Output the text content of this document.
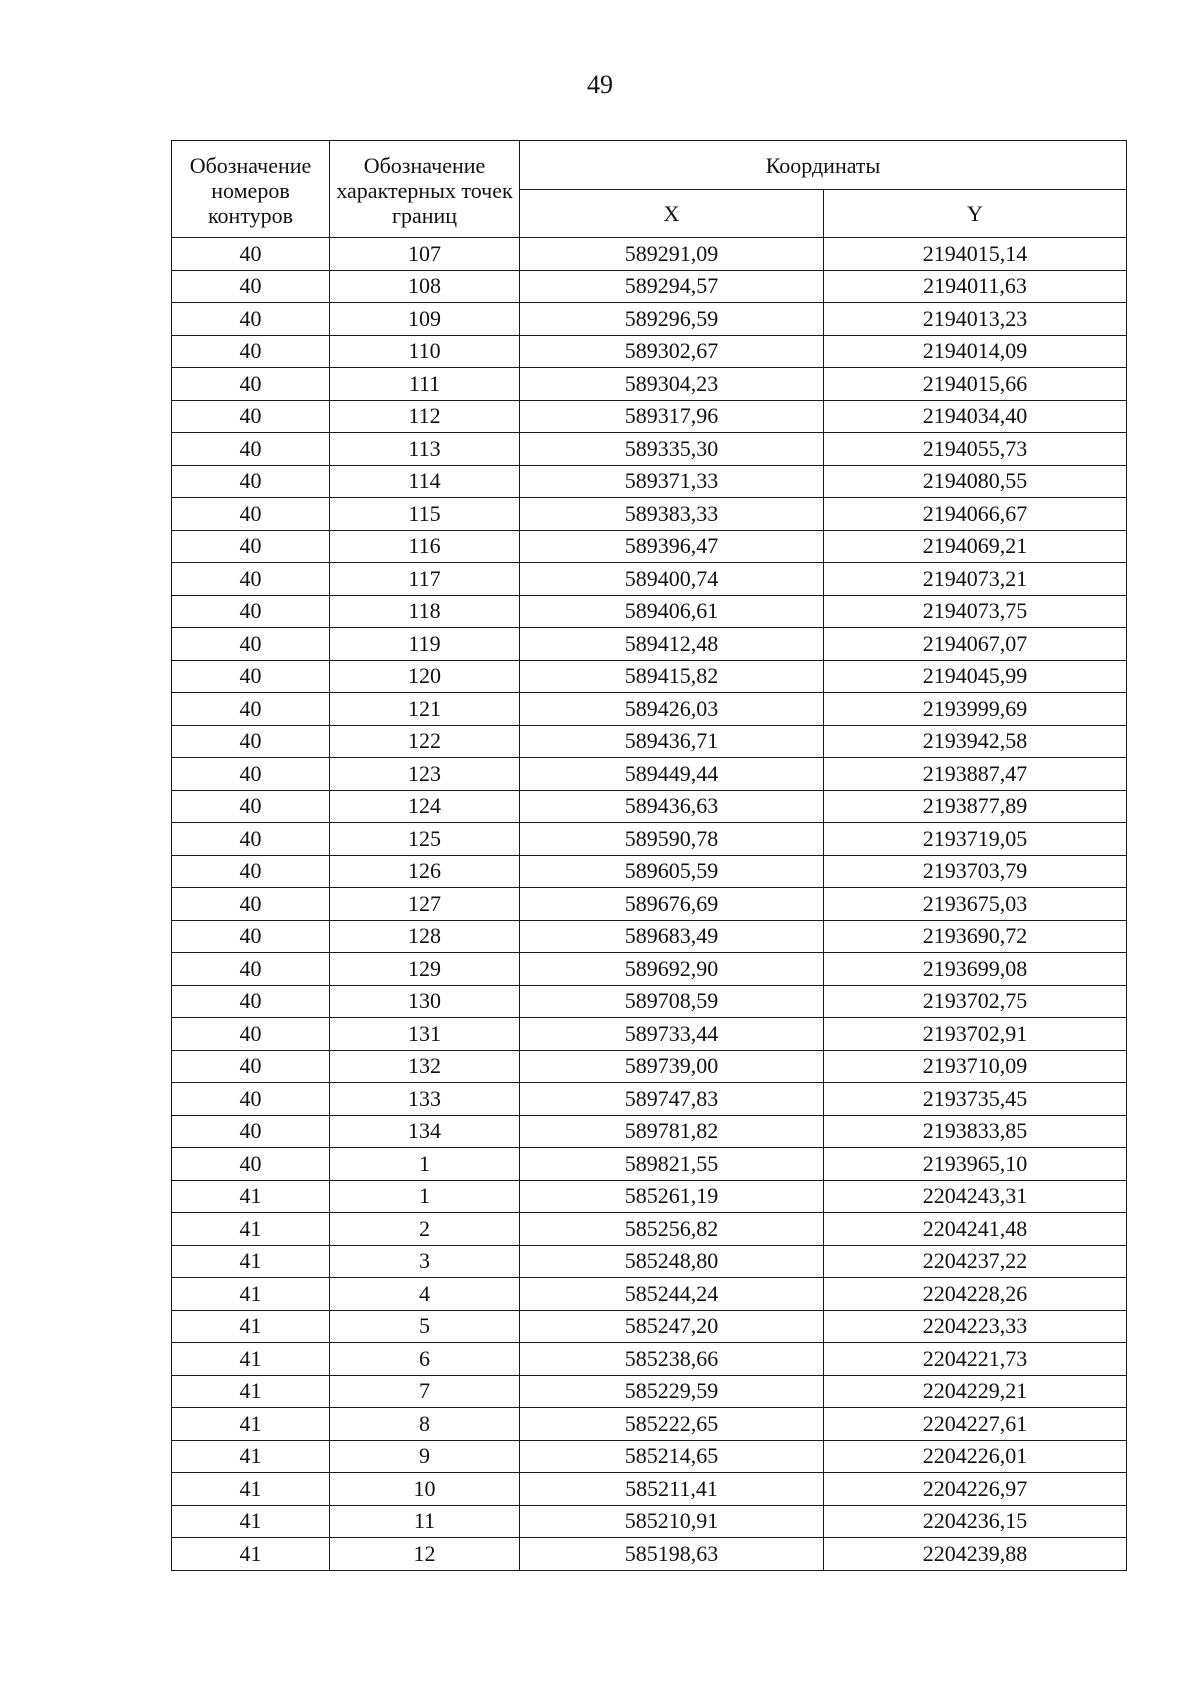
49
Обозначение номеров контуров	Обозначение характерных точек границ	Координаты	
		X	Y
40	107	589291,09	2194015,14
40	108	589294,57	2194011,63
40	109	589296,59	2194013,23
40	110	589302,67	2194014,09
40	111	589304,23	2194015,66
40	112	589317,96	2194034,40
40	113	589335,30	2194055,73
40	114	589371,33	2194080,55
40	115	589383,33	2194066,67
40	116	589396,47	2194069,21
40	117	589400,74	2194073,21
40	118	589406,61	2194073,75
40	119	589412,48	2194067,07
40	120	589415,82	2194045,99
40	121	589426,03	2193999,69
40	122	589436,71	2193942,58
40	123	589449,44	2193887,47
40	124	589436,63	2193877,89
40	125	589590,78	2193719,05
40	126	589605,59	2193703,79
40	127	589676,69	2193675,03
40	128	589683,49	2193690,72
40	129	589692,90	2193699,08
40	130	589708,59	2193702,75
40	131	589733,44	2193702,91
40	132	589739,00	2193710,09
40	133	589747,83	2193735,45
40	134	589781,82	2193833,85
40	1	589821,55	2193965,10
41	1	585261,19	2204243,31
41	2	585256,82	2204241,48
41	3	585248,80	2204237,22
41	4	585244,24	2204228,26
41	5	585247,20	2204223,33
41	6	585238,66	2204221,73
41	7	585229,59	2204229,21
41	8	585222,65	2204227,61
41	9	585214,65	2204226,01
41	10	585211,41	2204226,97
41	11	585210,91	2204236,15
41	12	585198,63	2204239,88
